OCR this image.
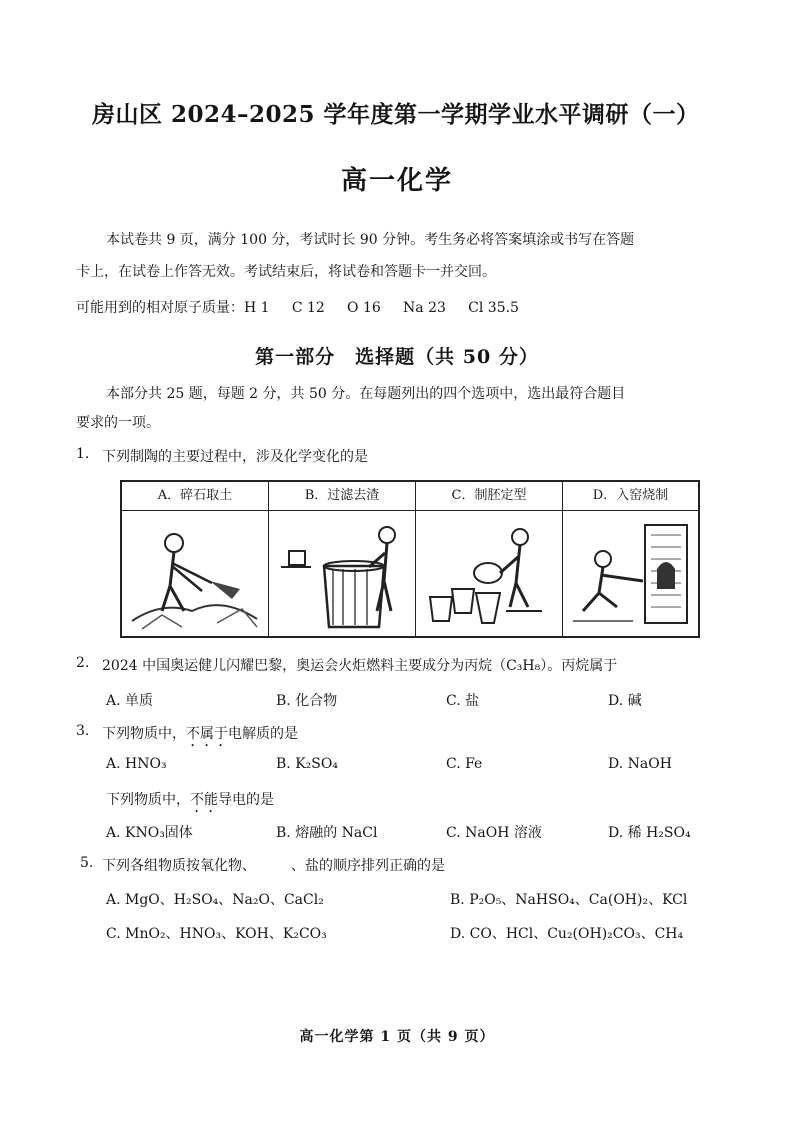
房山区 2024–2025 学年度第一学期学业水平调研（一）
高一化学
本试卷共 9 页，满分 100 分，考试时长 90 分钟。考生务必将答案填涂或书写在答题
卡上，在试卷上作答无效。考试结束后，将试卷和答题卡一并交回。
可能用到的相对原子质量：H 1     C 12     O 16     Na 23     Cl 35.5
第一部分　选择题（共 50 分）
本部分共 25 题，每题 2 分，共 50 分。在每题列出的四个选项中，选出最符合题目
要求的一项。
1. 下列制陶的主要过程中，涉及化学变化的是
A．碎石取土	B．过滤去渣	C．制胚定型	D．入窑烧制
2. 2024 中国奥运健儿闪耀巴黎，奥运会火炬燃料主要成分为丙烷（C₃H₈）。丙烷属于
A. 单质	B. 化合物	C. 盐	D. 碱
3. 下列物质中，不属于电解质的是
A. HNO₃	B. K₂SO₄	C. Fe	D. NaOH
下列物质中，不能导电的是
A. KNO₃固体	B. 熔融的 NaCl	C. NaOH 溶液	D. 稀 H₂SO₄
5. 下列各组物质按氧化物、　　　、盐的顺序排列正确的是
A. MgO、H₂SO₄、Na₂O、CaCl₂	B. P₂O₅、NaHSO₄、Ca(OH)₂、KCl
C. MnO₂、HNO₃、KOH、K₂CO₃	D. CO、HCl、Cu₂(OH)₂CO₃、CH₄
高一化学第 1 页（共 9 页）
